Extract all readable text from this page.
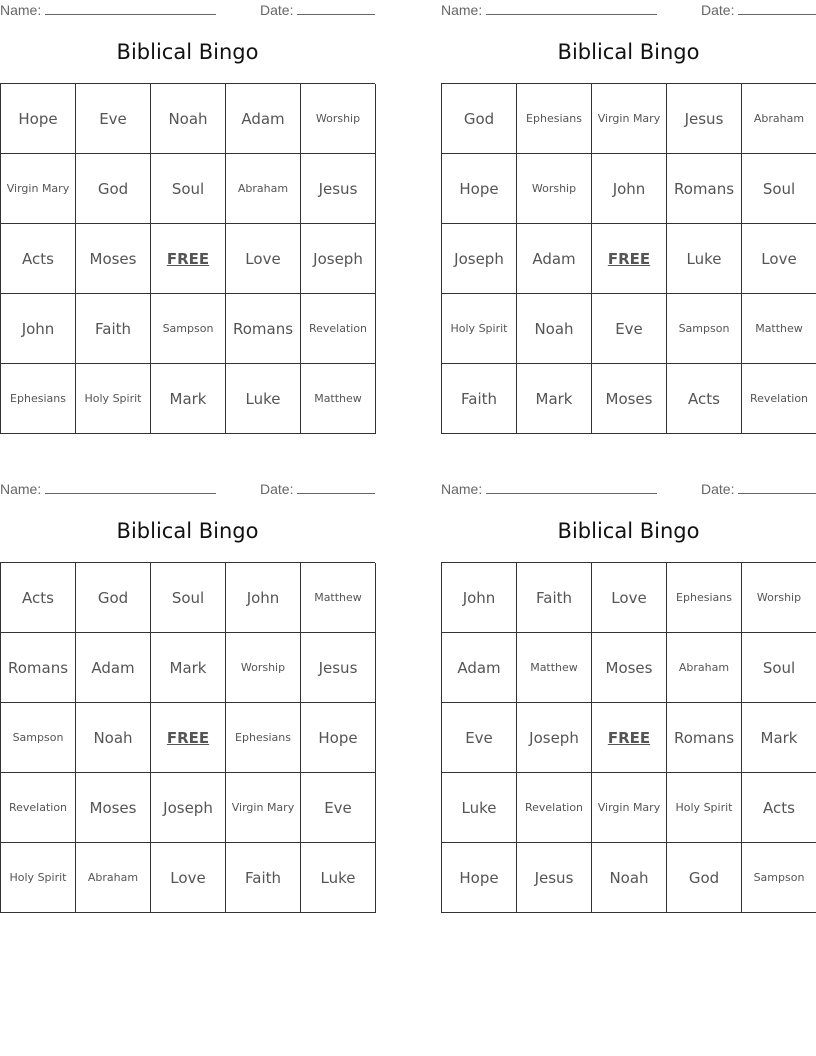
Name:	Date:
Biblical Bingo
Hope	Eve	Noah	Adam	Worship
Virgin Mary	God	Soul	Abraham	Jesus
Acts	Moses	FREE	Love	Joseph
John	Faith	Sampson	Romans	Revelation
Ephesians	Holy Spirit	Mark	Luke	Matthew
Name:	Date:
Biblical Bingo
God	Ephesians	Virgin Mary	Jesus	Abraham
Hope	Worship	John	Romans	Soul
Joseph	Adam	FREE	Luke	Love
Holy Spirit	Noah	Eve	Sampson	Matthew
Faith	Mark	Moses	Acts	Revelation
Name:	Date:
Biblical Bingo
Acts	God	Soul	John	Matthew
Romans	Adam	Mark	Worship	Jesus
Sampson	Noah	FREE	Ephesians	Hope
Revelation	Moses	Joseph	Virgin Mary	Eve
Holy Spirit	Abraham	Love	Faith	Luke
Name:	Date:
Biblical Bingo
John	Faith	Love	Ephesians	Worship
Adam	Matthew	Moses	Abraham	Soul
Eve	Joseph	FREE	Romans	Mark
Luke	Revelation	Virgin Mary	Holy Spirit	Acts
Hope	Jesus	Noah	God	Sampson
